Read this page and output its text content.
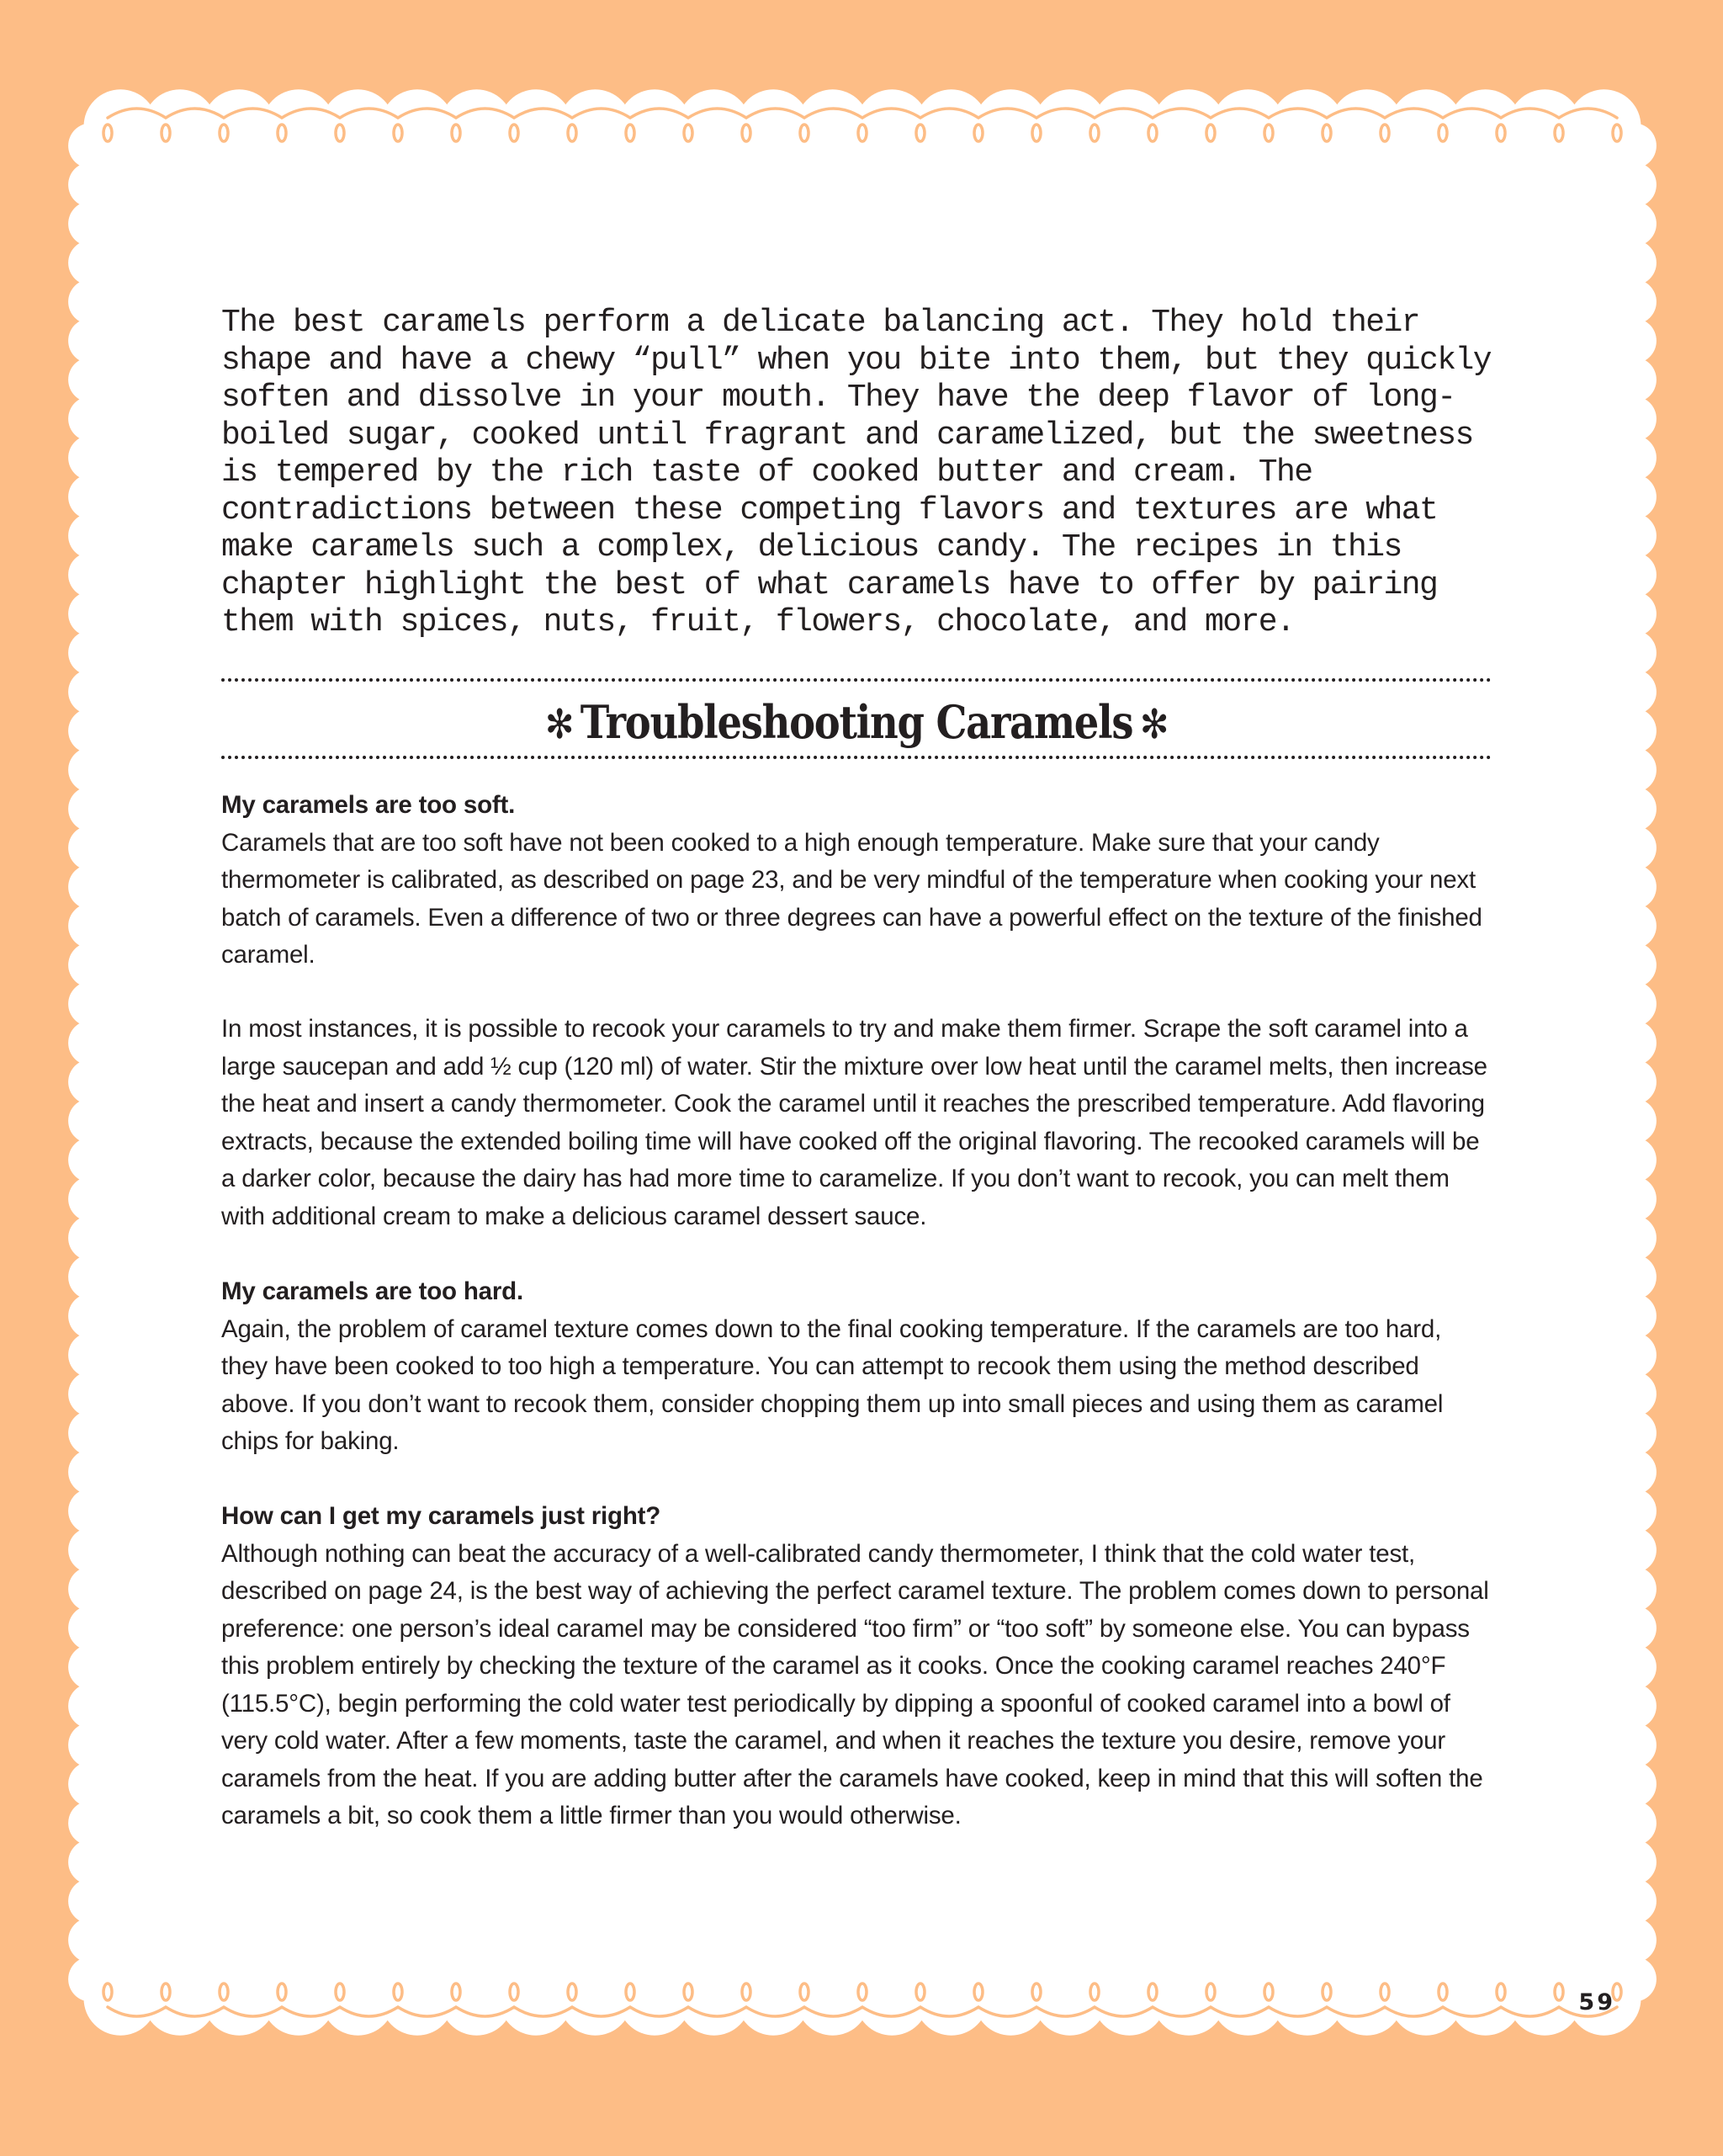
The best caramels perform a delicate balancing act. They hold their shape and have a chewy “pull” when you bite into them, but they quickly soften and dissolve in your mouth. They have the deep flavor of long-boiled sugar, cooked until fragrant and caramelized, but the sweetness is tempered by the rich taste of cooked butter and cream. The contradictions between these competing flavors and textures are what make caramels such a complex, delicious candy. The recipes in this chapter highlight the best of what caramels have to offer by pairing them with spices, nuts, fruit, flowers, chocolate, and more.

✻ Troubleshooting Caramels ✻
My caramels are too soft.

Caramels that are too soft have not been cooked to a high enough temperature. Make sure that your candy thermometer is calibrated, as described on page 23, and be very mindful of the temperature when cooking your next batch of caramels. Even a difference of two or three degrees can have a powerful effect on the texture of the finished caramel.

In most instances, it is possible to recook your caramels to try and make them firmer. Scrape the soft caramel into a large saucepan and add ½ cup (120 ml) of water. Stir the mixture over low heat until the caramel melts, then increase the heat and insert a candy thermometer. Cook the caramel until it reaches the prescribed temperature. Add flavoring extracts, because the extended boiling time will have cooked off the original flavoring. The recooked caramels will be a darker color, because the dairy has had more time to caramelize. If you don’t want to recook, you can melt them with additional cream to make a delicious caramel dessert sauce.

My caramels are too hard.

Again, the problem of caramel texture comes down to the final cooking temperature. If the caramels are too hard, they have been cooked to too high a temperature. You can attempt to recook them using the method described above. If you don’t want to recook them, consider chopping them up into small pieces and using them as caramel chips for baking.

How can I get my caramels just right?

Although nothing can beat the accuracy of a well-calibrated candy thermometer, I think that the cold water test, described on page 24, is the best way of achieving the perfect caramel texture. The problem comes down to personal preference: one person’s ideal caramel may be considered “too firm” or “too soft” by someone else. You can bypass this problem entirely by checking the texture of the caramel as it cooks. Once the cooking caramel reaches 240°F (115.5°C), begin performing the cold water test periodically by dipping a spoonful of cooked caramel into a bowl of very cold water. After a few moments, taste the caramel, and when it reaches the texture you desire, remove your caramels from the heat. If you are adding butter after the caramels have cooked, keep in mind that this will soften the caramels a bit, so cook them a little firmer than you would otherwise.

59
